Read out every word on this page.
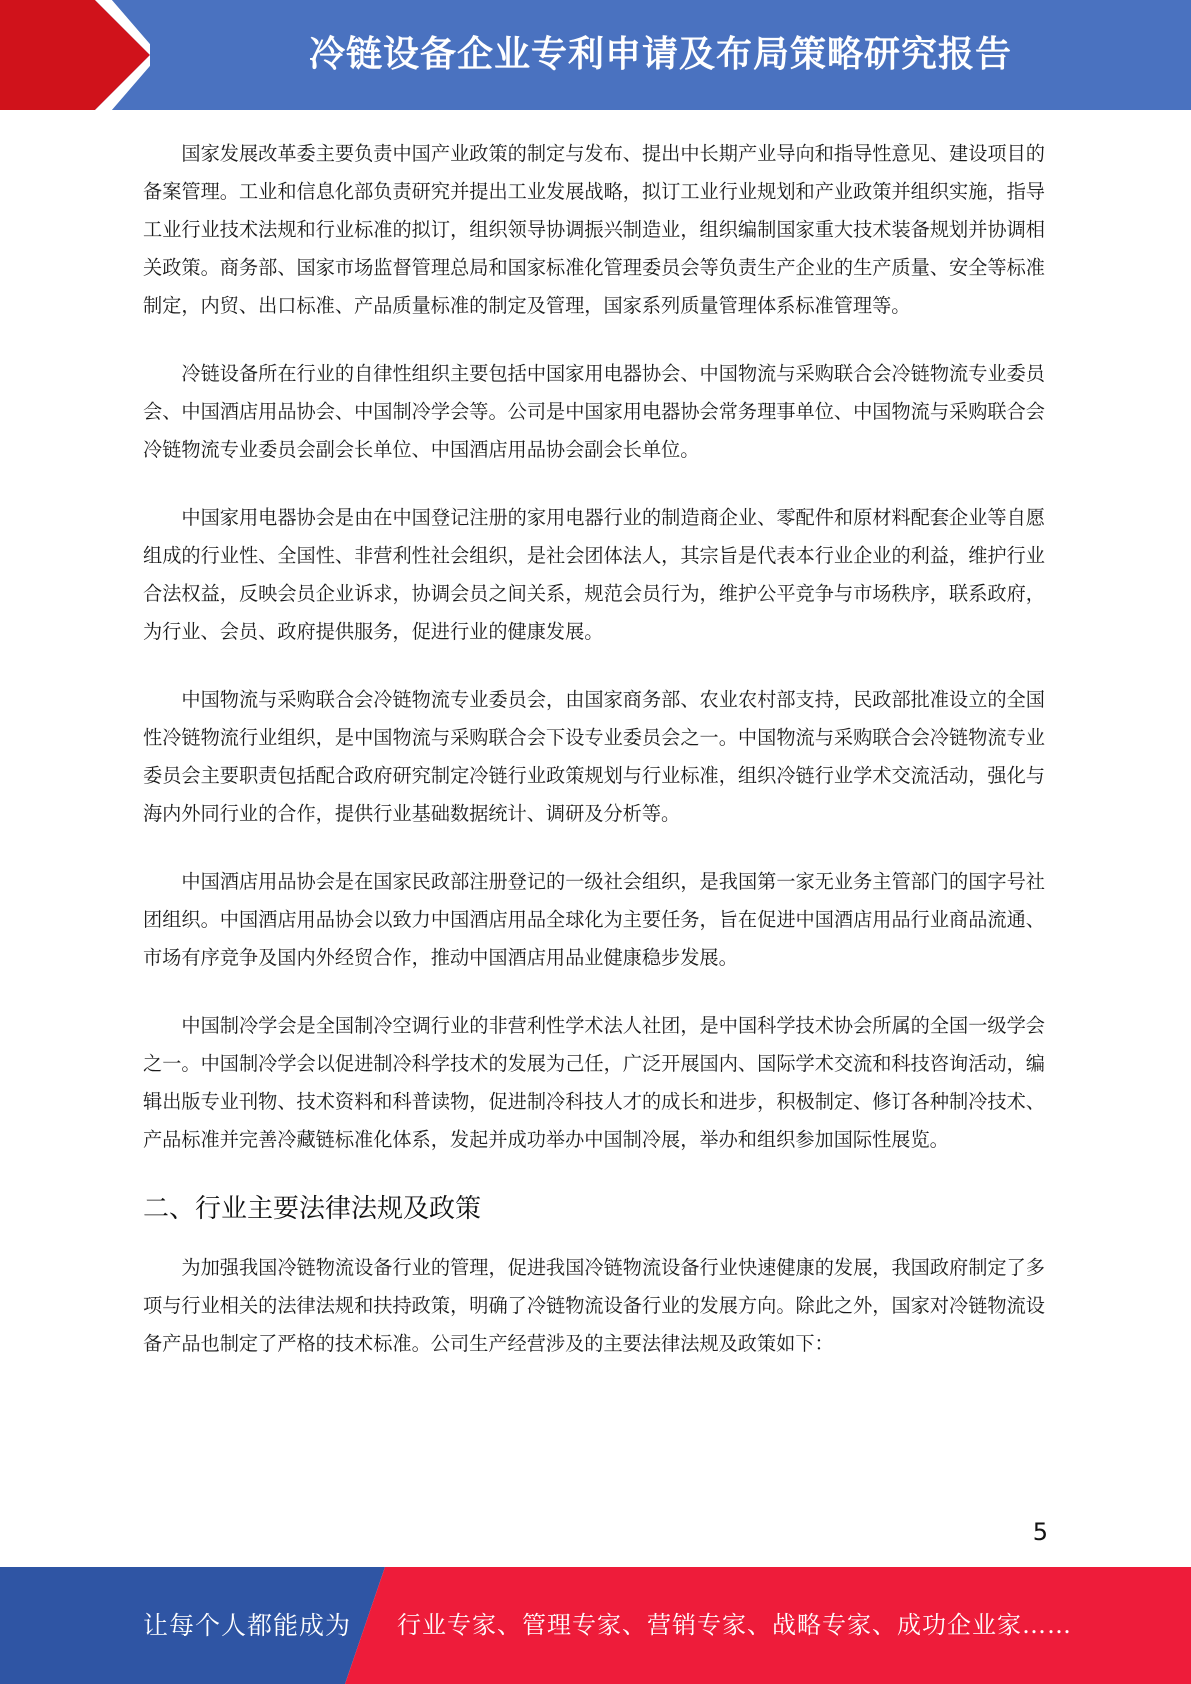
冷链设备企业专利申请及布局策略研究报告

国家发展改革委主要负责中国产业政策的制定与发布、提出中长期产业导向和指导性意见、建设项目的备案管理。工业和信息化部负责研究并提出工业发展战略，拟订工业行业规划和产业政策并组织实施，指导工业行业技术法规和行业标准的拟订，组织领导协调振兴制造业，组织编制国家重大技术装备规划并协调相关政策。商务部、国家市场监督管理总局和国家标准化管理委员会等负责生产企业的生产质量、安全等标准制定，内贸、出口标准、产品质量标准的制定及管理，国家系列质量管理体系标准管理等。

冷链设备所在行业的自律性组织主要包括中国家用电器协会、中国物流与采购联合会冷链物流专业委员会、中国酒店用品协会、中国制冷学会等。公司是中国家用电器协会常务理事单位、中国物流与采购联合会冷链物流专业委员会副会长单位、中国酒店用品协会副会长单位。

中国家用电器协会是由在中国登记注册的家用电器行业的制造商企业、零配件和原材料配套企业等自愿组成的行业性、全国性、非营利性社会组织，是社会团体法人，其宗旨是代表本行业企业的利益，维护行业合法权益，反映会员企业诉求，协调会员之间关系，规范会员行为，维护公平竞争与市场秩序，联系政府，为行业、会员、政府提供服务，促进行业的健康发展。

中国物流与采购联合会冷链物流专业委员会，由国家商务部、农业农村部支持，民政部批准设立的全国性冷链物流行业组织，是中国物流与采购联合会下设专业委员会之一。中国物流与采购联合会冷链物流专业委员会主要职责包括配合政府研究制定冷链行业政策规划与行业标准，组织冷链行业学术交流活动，强化与海内外同行业的合作，提供行业基础数据统计、调研及分析等。

中国酒店用品协会是在国家民政部注册登记的一级社会组织，是我国第一家无业务主管部门的国字号社团组织。中国酒店用品协会以致力中国酒店用品全球化为主要任务，旨在促进中国酒店用品行业商品流通、市场有序竞争及国内外经贸合作，推动中国酒店用品业健康稳步发展。

中国制冷学会是全国制冷空调行业的非营利性学术法人社团，是中国科学技术协会所属的全国一级学会之一。中国制冷学会以促进制冷科学技术的发展为己任，广泛开展国内、国际学术交流和科技咨询活动，编辑出版专业刊物、技术资料和科普读物，促进制冷科技人才的成长和进步，积极制定、修订各种制冷技术、产品标准并完善冷藏链标准化体系，发起并成功举办中国制冷展，举办和组织参加国际性展览。

二、行业主要法律法规及政策

为加强我国冷链物流设备行业的管理，促进我国冷链物流设备行业快速健康的发展，我国政府制定了多项与行业相关的法律法规和扶持政策，明确了冷链物流设备行业的发展方向。除此之外，国家对冷链物流设备产品也制定了严格的技术标准。公司生产经营涉及的主要法律法规及政策如下：

5
让每个人都能成为 行业专家、管理专家、营销专家、战略专家、成功企业家……
